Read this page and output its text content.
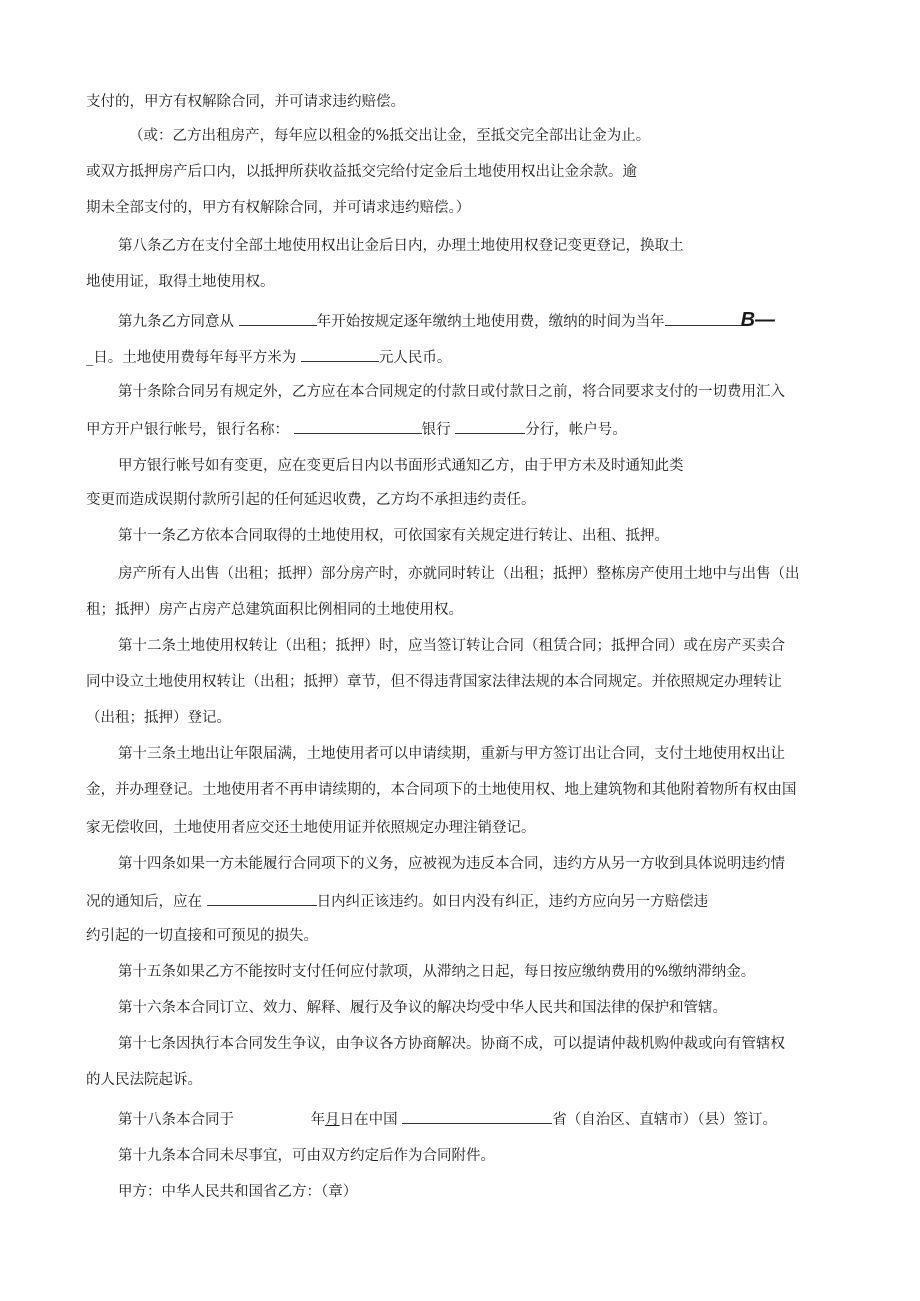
支付的，甲方有权解除合同，并可请求违约赔偿。
（或：乙方出租房产，每年应以租金的%抵交出让金，至抵交完全部出让金为止。
或双方抵押房产后口内，以抵押所获收益抵交完给付定金后土地使用权出让金余款。逾
期未全部支付的，甲方有权解除合同，并可请求违约赔偿。）
第八条乙方在支付全部土地使用权出让金后日内，办理土地使用权登记变更登记，换取土
地使用证，取得土地使用权。
第九条乙方同意从	年开始按规定逐年缴纳土地使用费，缴纳的时间为当年	B—
_日。土地使用费每年每平方米为	元人民币。
第十条除合同另有规定外，乙方应在本合同规定的付款日或付款日之前，将合同要求支付的一切费用汇入
甲方开户银行帐号，银行名称：	银行	分行，帐户号。
甲方银行帐号如有变更，应在变更后日内以书面形式通知乙方，由于甲方未及时通知此类
变更而造成误期付款所引起的任何延迟收费，乙方均不承担违约责任。
第十一条乙方依本合同取得的土地使用权，可依国家有关规定进行转让、出租、抵押。
房产所有人出售（出租；抵押）部分房产时，亦就同时转让（出租；抵押）整栋房产使用土地中与出售（出
租；抵押）房产占房产总建筑面积比例相同的土地使用权。
第十二条土地使用权转让（出租；抵押）时，应当签订转让合同（租赁合同；抵押合同）或在房产买卖合
同中设立土地使用权转让（出租；抵押）章节，但不得违背国家法律法规的本合同规定。并依照规定办理转让
（出租；抵押）登记。
第十三条土地出让年限届满，土地使用者可以申请续期，重新与甲方签订出让合同，支付土地使用权出让
金，并办理登记。土地使用者不再申请续期的，本合同项下的土地使用权、地上建筑物和其他附着物所有权由国
家无偿收回，土地使用者应交还土地使用证并依照规定办理注销登记。
第十四条如果一方未能履行合同项下的义务，应被视为违反本合同，违约方从另一方收到具体说明违约情
况的通知后，应在	日内纠正该违约。如日内没有纠正，违约方应向另一方赔偿违
约引起的一切直接和可预见的损失。
第十五条如果乙方不能按时支付任何应付款项，从滞纳之日起，每日按应缴纳费用的%缴纳滞纳金。
第十六条本合同订立、效力、解释、履行及争议的解决均受中华人民共和国法律的保护和管辖。
第十七条因执行本合同发生争议，由争议各方协商解决。协商不成，可以提请仲裁机购仲裁或向有管辖权
的人民法院起诉。
第十八条本合同于	年月日在中国	省（自治区、直辖市）（县）签订。
第十九条本合同未尽事宜，可由双方约定后作为合同附件。
甲方：中华人民共和国省乙方：（章）
